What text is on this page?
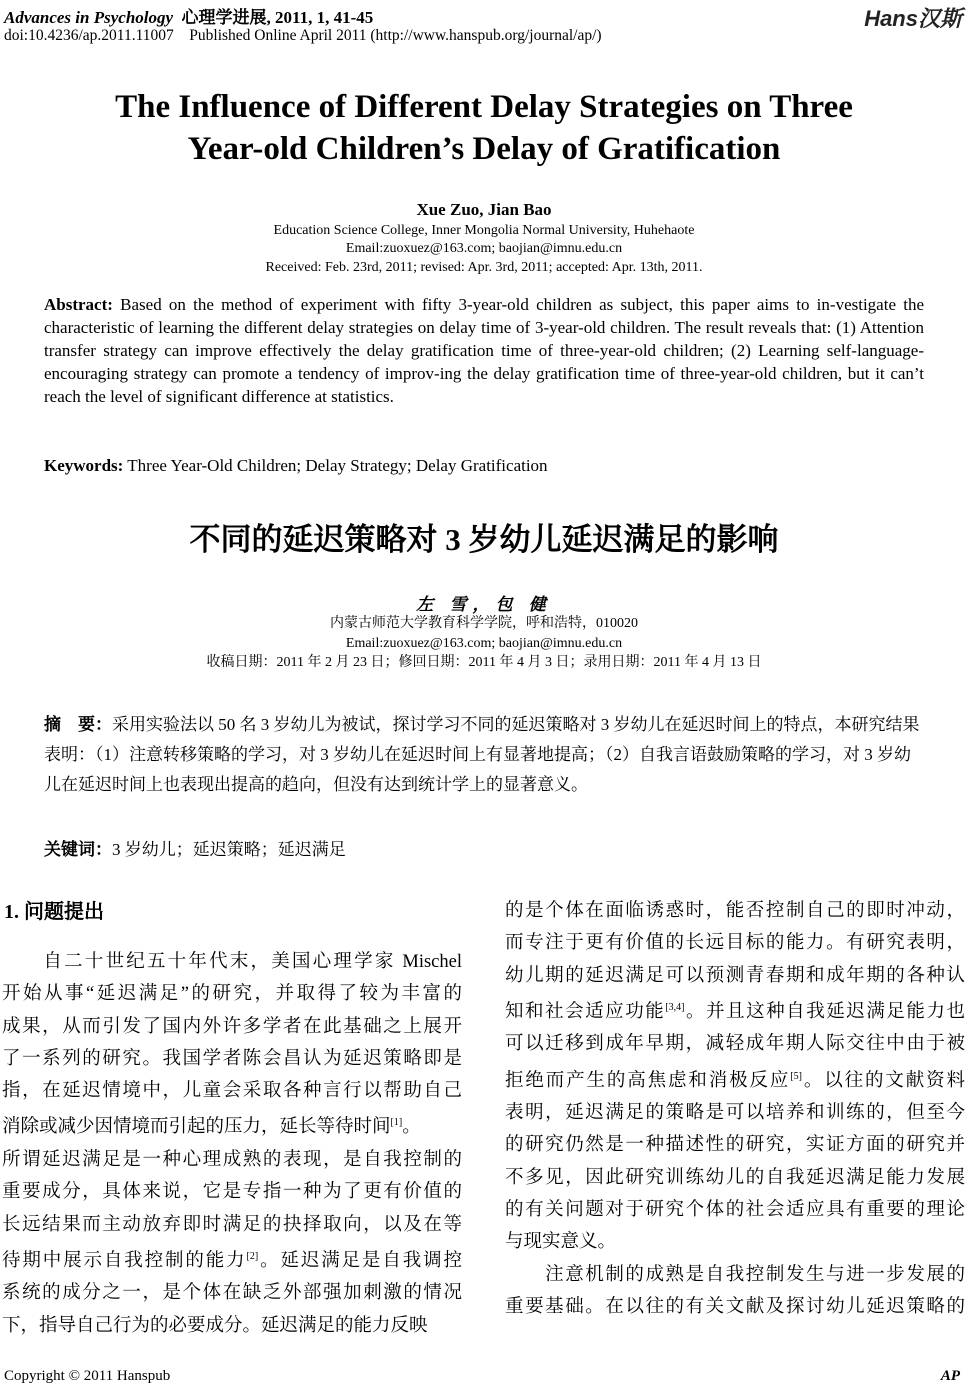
Advances in Psychology 心理学进展, 2011, 1, 41-45
doi:10.4236/ap.2011.11007    Published Online April 2011 (http://www.hanspub.org/journal/ap/)
Hans汉斯
The Influence of Different Delay Strategies on Three
Year-old Children’s Delay of Gratification
Xue Zuo, Jian Bao
Education Science College, Inner Mongolia Normal University, Huhehaote
Email:zuoxuez@163.com; baojian@imnu.edu.cn
Received: Feb. 23rd, 2011; revised: Apr. 3rd, 2011; accepted: Apr. 13th, 2011.
Abstract: Based on the method of experiment with fifty 3-year-old children as subject, this paper aims to in-vestigate the characteristic of learning the different delay strategies on delay time of 3-year-old children. The result reveals that: (1) Attention transfer strategy can improve effectively the delay gratification time of three-year-old children; (2) Learning self-language-encouraging strategy can promote a tendency of improv-ing the delay gratification time of three-year-old children, but it can’t reach the level of significant difference at statistics.
Keywords: Three Year-Old Children; Delay Strategy; Delay Gratification
不同的延迟策略对 3 岁幼儿延迟满足的影响
左 雪，包 健
内蒙古师范大学教育科学学院，呼和浩特，010020
Email:zuoxuez@163.com; baojian@imnu.edu.cn
收稿日期：2011 年 2 月 23 日；修回日期：2011 年 4 月 3 日；录用日期：2011 年 4 月 13 日
摘　要：采用实验法以 50 名 3 岁幼儿为被试，探讨学习不同的延迟策略对 3 岁幼儿在延迟时间上的特点，本研究结果表明：（1）注意转移策略的学习，对 3 岁幼儿在延迟时间上有显著地提高；（2）自我言语鼓励策略的学习，对 3 岁幼儿在延迟时间上也表现出提高的趋向，但没有达到统计学上的显著意义。
关键词：3 岁幼儿；延迟策略；延迟满足
1. 问题提出
　　自二十世纪五十年代末，美国心理学家 Mischel
开始从事“延迟满足”的研究，并取得了较为丰富的
成果，从而引发了国内外许多学者在此基础之上展开
了一系列的研究。我国学者陈会昌认为延迟策略即是
指，在延迟情境中，儿童会采取各种言行以帮助自己
消除或减少因情境而引起的压力，延长等待时间[1]。
所谓延迟满足是一种心理成熟的表现，是自我控制的
重要成分，具体来说，它是专指一种为了更有价值的
长远结果而主动放弃即时满足的抉择取向，以及在等
待期中展示自我控制的能力[2]。延迟满足是自我调控
系统的成分之一，是个体在缺乏外部强加刺激的情况
下，指导自己行为的必要成分。延迟满足的能力反映
的是个体在面临诱惑时，能否控制自己的即时冲动，
而专注于更有价值的长远目标的能力。有研究表明，
幼儿期的延迟满足可以预测青春期和成年期的各种认
知和社会适应功能[3,4]。并且这种自我延迟满足能力也
可以迁移到成年早期，减轻成年期人际交往中由于被
拒绝而产生的高焦虑和消极反应[5]。以往的文献资料
表明，延迟满足的策略是可以培养和训练的，但至今
的研究仍然是一种描述性的研究，实证方面的研究并
不多见，因此研究训练幼儿的自我延迟满足能力发展
的有关问题对于研究个体的社会适应具有重要的理论
与现实意义。
　　注意机制的成熟是自我控制发生与进一步发展的
重要基础。在以往的有关文献及探讨幼儿延迟策略的
Copyright © 2011 Hanspub	AP
